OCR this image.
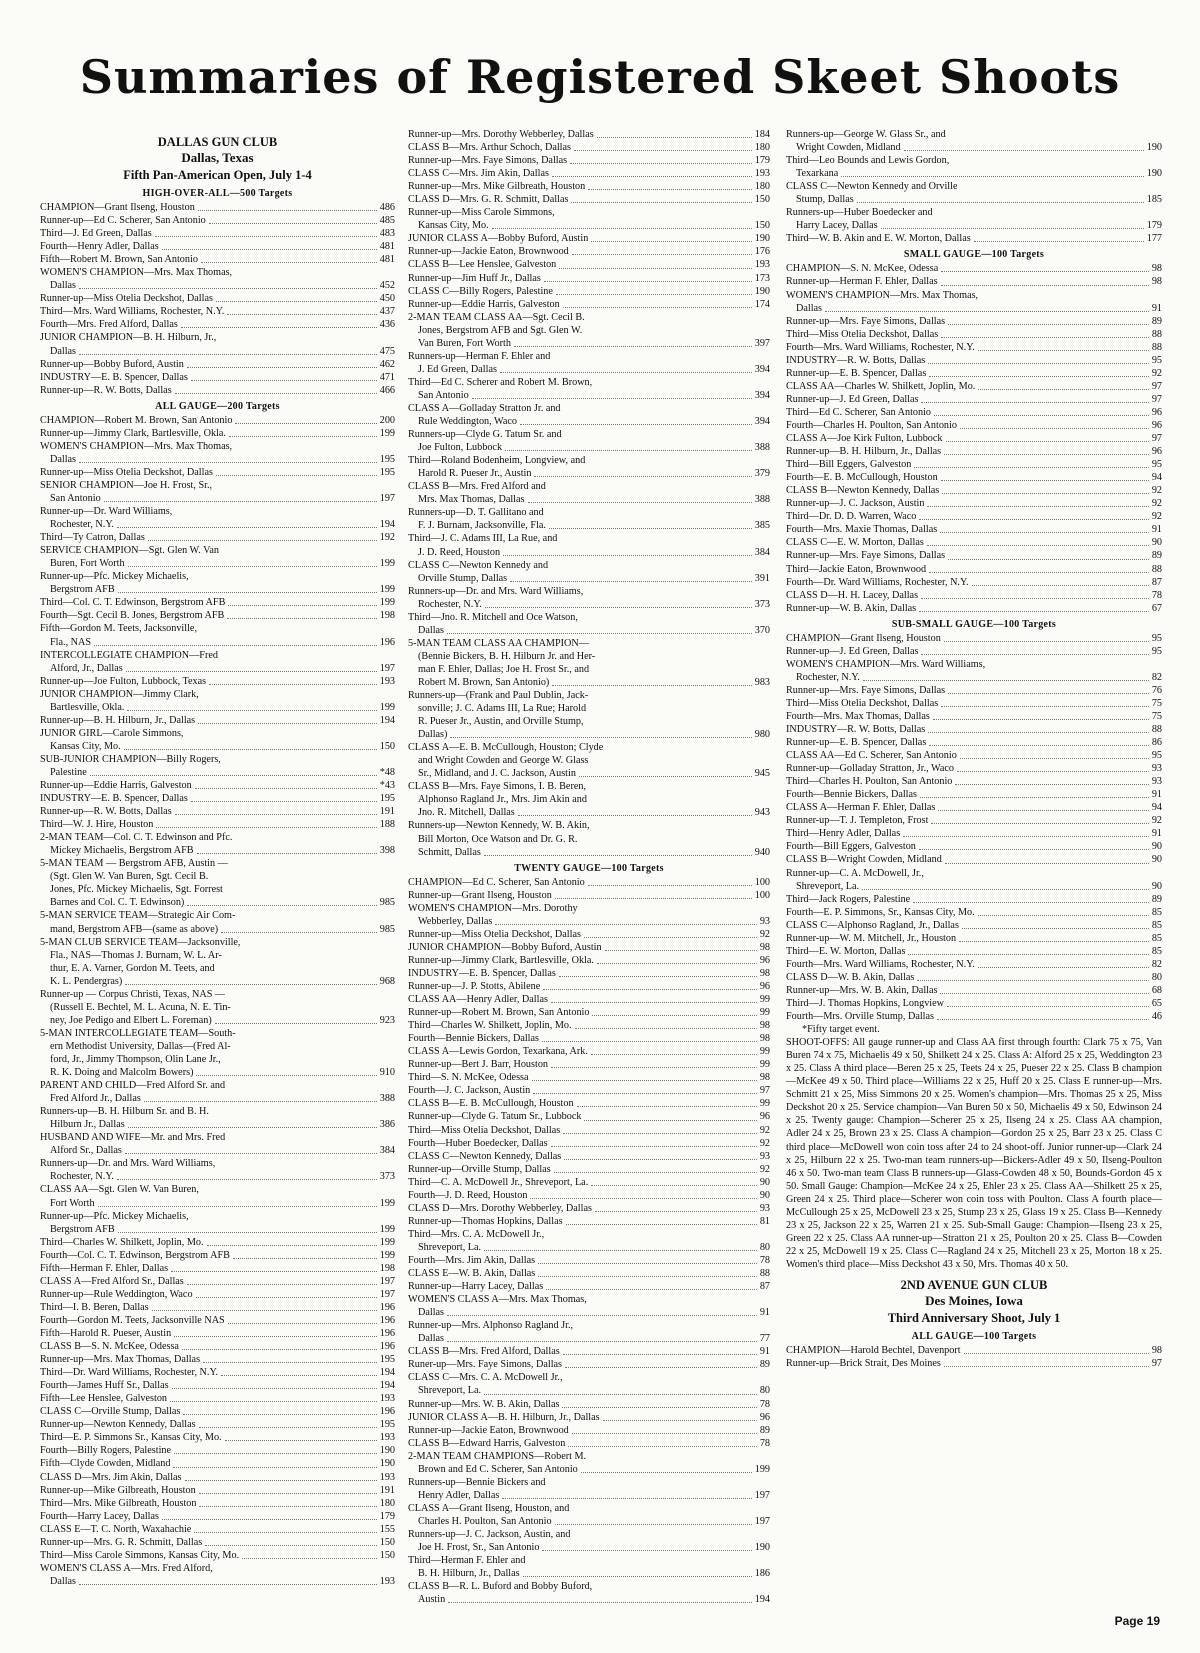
Summaries of Registered Skeet Shoots
DALLAS GUN CLUB
Dallas, Texas
Fifth Pan-American Open, July 1-4
HIGH-OVER-ALL—500 Targets
CHAMPION—Grant Ilseng, Houston	486
Runner-up—Ed C. Scherer, San Antonio	485
Third—J. Ed Green, Dallas	483
Fourth—Henry Adler, Dallas	481
Fifth—Robert M. Brown, San Antonio	481
WOMEN'S CHAMPION—Mrs. Max Thomas,
Dallas	452
Runner-up—Miss Otelia Deckshot, Dallas	450
Third—Mrs. Ward Williams, Rochester, N.Y.	437
Fourth—Mrs. Fred Alford, Dallas	436
JUNIOR CHAMPION—B. H. Hilburn, Jr.,
Dallas	475
Runner-up—Bobby Buford, Austin	462
INDUSTRY—E. B. Spencer, Dallas	471
Runner-up—R. W. Botts, Dallas	466
ALL GAUGE—200 Targets
CHAMPION—Robert M. Brown, San Antonio	200
Runner-up—Jimmy Clark, Bartlesville, Okla.	199
WOMEN'S CHAMPION—Mrs. Max Thomas,
Dallas	195
Runner-up—Miss Otelia Deckshot, Dallas	195
SENIOR CHAMPION—Joe H. Frost, Sr.,
San Antonio	197
Runner-up—Dr. Ward Williams,
Rochester, N.Y.	194
Third—Ty Catron, Dallas	192
SERVICE CHAMPION—Sgt. Glen W. Van
Buren, Fort Worth	199
Runner-up—Pfc. Mickey Michaelis,
Bergstrom AFB	199
Third—Col. C. T. Edwinson, Bergstrom AFB	199
Fourth—Sgt. Cecil B. Jones, Bergstrom AFB	198
Fifth—Gordon M. Teets, Jacksonville,
Fla., NAS	196
INTERCOLLEGIATE CHAMPION—Fred
Alford, Jr., Dallas	197
Runner-up—Joe Fulton, Lubbock, Texas	193
JUNIOR CHAMPION—Jimmy Clark,
Bartlesville, Okla.	199
Runner-up—B. H. Hilburn, Jr., Dallas	194
JUNIOR GIRL—Carole Simmons,
Kansas City, Mo.	150
SUB-JUNIOR CHAMPION—Billy Rogers,
Palestine	*48
Runner-up—Eddie Harris, Galveston	*43
INDUSTRY—E. B. Spencer, Dallas	195
Runner-up—R. W. Botts, Dallas	191
Third—W. J. Hire, Houston	188
2-MAN TEAM—Col. C. T. Edwinson and Pfc.
Mickey Michaelis, Bergstrom AFB	398
5-MAN TEAM — Bergstrom AFB, Austin —
(Sgt. Glen W. Van Buren, Sgt. Cecil B.
Jones, Pfc. Mickey Michaelis, Sgt. Forrest
Barnes and Col. C. T. Edwinson)	985
5-MAN SERVICE TEAM—Strategic Air Com-
mand, Bergstrom AFB—(same as above)	985
5-MAN CLUB SERVICE TEAM—Jacksonville,
Fla., NAS—Thomas J. Burnam, W. L. Ar-
thur, E. A. Varner, Gordon M. Teets, and
K. L. Pendergras)	968
Runner-up — Corpus Christi, Texas, NAS —
(Russell E. Bechtel, M. L. Acuna, N. E. Tin-
ney, Joe Pedigo and Elbert L. Foreman)	923
5-MAN INTERCOLLEGIATE TEAM—South-
ern Methodist University, Dallas—(Fred Al-
ford, Jr., Jimmy Thompson, Olin Lane Jr.,
R. K. Doing and Malcolm Bowers)	910
PARENT AND CHILD—Fred Alford Sr. and
Fred Alford Jr., Dallas	388
Runners-up—B. H. Hilburn Sr. and B. H.
Hilburn Jr., Dallas	386
HUSBAND AND WIFE—Mr. and Mrs. Fred
Alford Sr., Dallas	384
Runners-up—Dr. and Mrs. Ward Williams,
Rochester, N.Y.	373
CLASS AA—Sgt. Glen W. Van Buren,
Fort Worth	199
Runner-up—Pfc. Mickey Michaelis,
Bergstrom AFB	199
Third—Charles W. Shilkett, Joplin, Mo.	199
Fourth—Col. C. T. Edwinson, Bergstrom AFB	199
Fifth—Herman F. Ehler, Dallas	198
CLASS A—Fred Alford Sr., Dallas	197
Runner-up—Rule Weddington, Waco	197
Third—I. B. Beren, Dallas	196
Fourth—Gordon M. Teets, Jacksonville NAS	196
Fifth—Harold R. Pueser, Austin	196
CLASS B—S. N. McKee, Odessa	196
Runner-up—Mrs. Max Thomas, Dallas	195
Third—Dr. Ward Williams, Rochester, N.Y.	194
Fourth—James Huff Sr., Dallas	194
Fifth—Lee Henslee, Galveston	193
CLASS C—Orville Stump, Dallas	196
Runner-up—Newton Kennedy, Dallas	195
Third—E. P. Simmons Sr., Kansas City, Mo.	193
Fourth—Billy Rogers, Palestine	190
Fifth—Clyde Cowden, Midland	190
CLASS D—Mrs. Jim Akin, Dallas	193
Runner-up—Mike Gilbreath, Houston	191
Third—Mrs. Mike Gilbreath, Houston	180
Fourth—Harry Lacey, Dallas	179
CLASS E—T. C. North, Waxahachie	155
Runner-up—Mrs. G. R. Schmitt, Dallas	150
Third—Miss Carole Simmons, Kansas City, Mo.	150
WOMEN'S CLASS A—Mrs. Fred Alford,
Dallas	193
Runner-up—Mrs. Dorothy Webberley, Dallas	184
CLASS B—Mrs. Arthur Schoch, Dallas	180
Runner-up—Mrs. Faye Simons, Dallas	179
CLASS C—Mrs. Jim Akin, Dallas	193
Runner-up—Mrs. Mike Gilbreath, Houston	180
CLASS D—Mrs. G. R. Schmitt, Dallas	150
Runner-up—Miss Carole Simmons,
Kansas City, Mo.	150
JUNIOR CLASS A—Bobby Buford, Austin	190
Runner-up—Jackie Eaton, Brownwood	176
CLASS B—Lee Henslee, Galveston	193
Runner-up—Jim Huff Jr., Dallas	173
CLASS C—Billy Rogers, Palestine	190
Runner-up—Eddie Harris, Galveston	174
2-MAN TEAM CLASS AA—Sgt. Cecil B.
Jones, Bergstrom AFB and Sgt. Glen W.
Van Buren, Fort Worth	397
Runners-up—Herman F. Ehler and
J. Ed Green, Dallas	394
Third—Ed C. Scherer and Robert M. Brown,
San Antonio	394
CLASS A—Golladay Stratton Jr. and
Rule Weddington, Waco	394
Runners-up—Clyde G. Tatum Sr. and
Joe Fulton, Lubbock	388
Third—Roland Bodenheim, Longview, and
Harold R. Pueser Jr., Austin	379
CLASS B—Mrs. Fred Alford and
Mrs. Max Thomas, Dallas	388
Runners-up—D. T. Gallitano and
F. J. Burnam, Jacksonville, Fla.	385
Third—J. C. Adams III, La Rue, and
J. D. Reed, Houston	384
CLASS C—Newton Kennedy and
Orville Stump, Dallas	391
Runners-up—Dr. and Mrs. Ward Williams,
Rochester, N.Y.	373
Third—Jno. R. Mitchell and Oce Watson,
Dallas	370
5-MAN TEAM CLASS AA CHAMPION—
(Bennie Bickers, B. H. Hilburn Jr. and Her-
man F. Ehler, Dallas; Joe H. Frost Sr., and
Robert M. Brown, San Antonio)	983
Runners-up—(Frank and Paul Dublin, Jack-
sonville; J. C. Adams III, La Rue; Harold
R. Pueser Jr., Austin, and Orville Stump,
Dallas)	980
CLASS A—E. B. McCullough, Houston; Clyde
and Wright Cowden and George W. Glass
Sr., Midland, and J. C. Jackson, Austin	945
CLASS B—Mrs. Faye Simons, I. B. Beren,
Alphonso Ragland Jr., Mrs. Jim Akin and
Jno. R. Mitchell, Dallas	943
Runners-up—Newton Kennedy, W. B. Akin,
Bill Morton, Oce Watson and Dr. G. R.
Schmitt, Dallas	940
TWENTY GAUGE—100 Targets
CHAMPION—Ed C. Scherer, San Antonio	100
Runner-up—Grant Ilseng, Houston	100
WOMEN'S CHAMPION—Mrs. Dorothy
Webberley, Dallas	93
Runner-up—Miss Otelia Deckshot, Dallas	92
JUNIOR CHAMPION—Bobby Buford, Austin	98
Runner-up—Jimmy Clark, Bartlesville, Okla.	96
INDUSTRY—E. B. Spencer, Dallas	98
Runner-up—J. P. Stotts, Abilene	96
CLASS AA—Henry Adler, Dallas	99
Runner-up—Robert M. Brown, San Antonio	99
Third—Charles W. Shilkett, Joplin, Mo.	98
Fourth—Bennie Bickers, Dallas	98
CLASS A—Lewis Gordon, Texarkana, Ark.	99
Runner-up—Bert J. Barr, Houston	99
Third—S. N. McKee, Odessa	98
Fourth—J. C. Jackson, Austin	97
CLASS B—E. B. McCullough, Houston	99
Runner-up—Clyde G. Tatum Sr., Lubbock	96
Third—Miss Otelia Deckshot, Dallas	92
Fourth—Huber Boedecker, Dallas	92
CLASS C—Newton Kennedy, Dallas	93
Runner-up—Orville Stump, Dallas	92
Third—C. A. McDowell Jr., Shreveport, La.	90
Fourth—J. D. Reed, Houston	90
CLASS D—Mrs. Dorothy Webberley, Dallas	93
Runner-up—Thomas Hopkins, Dallas	81
Third—Mrs. C. A. McDowell Jr.,
Shreveport, La.	80
Fourth—Mrs. Jim Akin, Dallas	78
CLASS E—W. B. Akin, Dallas	88
Runner-up—Harry Lacey, Dallas	87
WOMEN'S CLASS A—Mrs. Max Thomas,
Dallas	91
Runner-up—Mrs. Alphonso Ragland Jr.,
Dallas	77
CLASS B—Mrs. Fred Alford, Dallas	91
Runer-up—Mrs. Faye Simons, Dallas	89
CLASS C—Mrs. C. A. McDowell Jr.,
Shreveport, La.	80
Runner-up—Mrs. W. B. Akin, Dallas	78
JUNIOR CLASS A—B. H. Hilburn, Jr., Dallas	96
Runner-up—Jackie Eaton, Brownwood	89
CLASS B—Edward Harris, Galveston	78
2-MAN TEAM CHAMPIONS—Robert M.
Brown and Ed C. Scherer, San Antonio	199
Runners-up—Bennie Bickers and
Henry Adler, Dallas	197
CLASS A—Grant Ilseng, Houston, and
Charles H. Poulton, San Antonio	197
Runners-up—J. C. Jackson, Austin, and
Joe H. Frost, Sr., San Antonio	190
Third—Herman F. Ehler and
B. H. Hilburn, Jr., Dallas	186
CLASS B—R. L. Buford and Bobby Buford,
Austin	194
Runners-up—George W. Glass Sr., and
Wright Cowden, Midland	190
Third—Leo Bounds and Lewis Gordon,
Texarkana	190
CLASS C—Newton Kennedy and Orville
Stump, Dallas	185
Runners-up—Huber Boedecker and
Harry Lacey, Dallas	179
Third—W. B. Akin and E. W. Morton, Dallas	177
SMALL GAUGE—100 Targets
CHAMPION—S. N. McKee, Odessa	98
Runner-up—Herman F. Ehler, Dallas	98
WOMEN'S CHAMPION—Mrs. Max Thomas,
Dallas	91
Runner-up—Mrs. Faye Simons, Dallas	89
Third—Miss Otelia Deckshot, Dallas	88
Fourth—Mrs. Ward Williams, Rochester, N.Y.	88
INDUSTRY—R. W. Botts, Dallas	95
Runner-up—E. B. Spencer, Dallas	92
CLASS AA—Charles W. Shilkett, Joplin, Mo.	97
Runner-up—J. Ed Green, Dallas	97
Third—Ed C. Scherer, San Antonio	96
Fourth—Charles H. Poulton, San Antonio	96
CLASS A—Joe Kirk Fulton, Lubbock	97
Runner-up—B. H. Hilburn, Jr., Dallas	96
Third—Bill Eggers, Galveston	95
Fourth—E. B. McCullough, Houston	94
CLASS B—Newton Kennedy, Dallas	92
Runner-up—J. C. Jackson, Austin	92
Third—Dr. D. D. Warren, Waco	92
Fourth—Mrs. Maxie Thomas, Dallas	91
CLASS C—E. W. Morton, Dallas	90
Runner-up—Mrs. Faye Simons, Dallas	89
Third—Jackie Eaton, Brownwood	88
Fourth—Dr. Ward Williams, Rochester, N.Y.	87
CLASS D—H. H. Lacey, Dallas	78
Runner-up—W. B. Akin, Dallas	67
SUB-SMALL GAUGE—100 Targets
CHAMPION—Grant Ilseng, Houston	95
Runner-up—J. Ed Green, Dallas	95
WOMEN'S CHAMPION—Mrs. Ward Williams,
Rochester, N.Y.	82
Runner-up—Mrs. Faye Simons, Dallas	76
Third—Miss Otelia Deckshot, Dallas	75
Fourth—Mrs. Max Thomas, Dallas	75
INDUSTRY—R. W. Botts, Dallas	88
Runner-up—E. B. Spencer, Dallas	86
CLASS AA—Ed C. Scherer, San Antonio	95
Runner-up—Golladay Stratton, Jr., Waco	93
Third—Charles H. Poulton, San Antonio	93
Fourth—Bennie Bickers, Dallas	91
CLASS A—Herman F. Ehler, Dallas	94
Runner-up—T. J. Templeton, Frost	92
Third—Henry Adler, Dallas	91
Fourth—Bill Eggers, Galveston	90
CLASS B—Wright Cowden, Midland	90
Runner-up—C. A. McDowell, Jr.,
Shreveport, La.	90
Third—Jack Rogers, Palestine	89
Fourth—E. P. Simmons, Sr., Kansas City, Mo.	85
CLASS C—Alphonso Ragland, Jr., Dallas	85
Runner-up—W. M. Mitchell, Jr., Houston	85
Third—E. W. Morton, Dallas	85
Fourth—Mrs. Ward Williams, Rochester, N.Y.	82
CLASS D—W. B. Akin, Dallas	80
Runner-up—Mrs. W. B. Akin, Dallas	68
Third—J. Thomas Hopkins, Longview	65
Fourth—Mrs. Orville Stump, Dallas	46
*Fifty target event.
SHOOT-OFFS: All gauge runner-up and Class AA first through fourth: Clark 75 x 75, Van Buren 74 x 75, Michaelis 49 x 50, Shilkett 24 x 25. Class A: Alford 25 x 25, Weddington 23 x 25. Class A third place—Beren 25 x 25, Teets 24 x 25, Pueser 22 x 25. Class B champion—McKee 49 x 50. Third place—Williams 22 x 25, Huff 20 x 25. Class E runner-up—Mrs. Schmitt 21 x 25, Miss Simmons 20 x 25. Women's champion—Mrs. Thomas 25 x 25, Miss Deckshot 20 x 25. Service champion—Van Buren 50 x 50, Michaelis 49 x 50, Edwinson 24 x 25. Twenty gauge: Champion—Scherer 25 x 25, Ilseng 24 x 25. Class AA champion, Adler 24 x 25, Brown 23 x 25. Class A champion—Gordon 25 x 25, Barr 23 x 25. Class C third place—McDowell won coin toss after 24 to 24 shoot-off. Junior runner-up—Clark 24 x 25, Hilburn 22 x 25. Two-man team runners-up—Bickers-Adler 49 x 50, Ilseng-Poulton 46 x 50. Two-man team Class B runners-up—Glass-Cowden 48 x 50, Bounds-Gordon 45 x 50. Small Gauge: Champion—McKee 24 x 25, Ehler 23 x 25. Class AA—Shilkett 25 x 25, Green 24 x 25. Third place—Scherer won coin toss with Poulton. Class A fourth place—McCullough 25 x 25, McDowell 23 x 25, Stump 23 x 25, Glass 19 x 25. Class B—Kennedy 23 x 25, Jackson 22 x 25, Warren 21 x 25. Sub-Small Gauge: Champion—Ilseng 23 x 25, Green 22 x 25. Class AA runner-up—Stratton 21 x 25, Poulton 20 x 25. Class B—Cowden 22 x 25, McDowell 19 x 25. Class C—Ragland 24 x 25, Mitchell 23 x 25, Morton 18 x 25. Women's third place—Miss Deckshot 43 x 50, Mrs. Thomas 40 x 50.
2ND AVENUE GUN CLUB
Des Moines, Iowa
Third Anniversary Shoot, July 1
ALL GAUGE—100 Targets
CHAMPION—Harold Bechtel, Davenport	98
Runner-up—Brick Strait, Des Moines	97
Page 19
